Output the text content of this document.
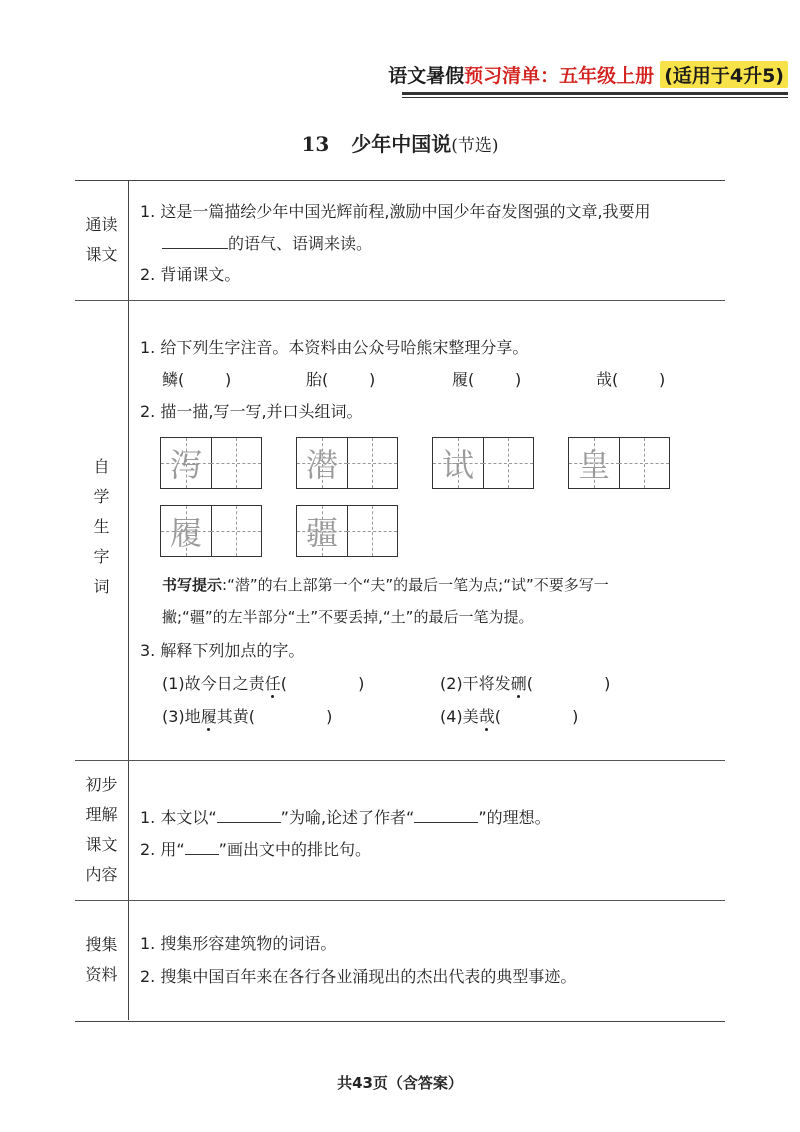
语文暑假 预习清单：五年级上册 (适用于4升5)
13 少年中国说(节选)
通读
课文
1. 这是一篇描绘少年中国光辉前程,激励中国少年奋发图强的文章,我要用
的语气、语调来读。
2. 背诵课文。
自
学
生
字
词
1. 给下列生字注音。本资料由公众号哈熊宋整理分享。
鳞(        )	胎(        )	履(        )	哉(        )
2. 描一描,写一写,并口头组词。
泻	潜	试	皇
履	疆
书写提示:“潜”的右上部第一个“夫”的最后一笔为点;“试”不要多写一
撇;“疆”的左半部分“土”不要丢掉,“土”的最后一笔为提。
3. 解释下列加点的字。
(1)故今日之责任(              )	(2)干将发硎(              )
(3)地履其黄(              )	(4)美哉(              )
初步
理解
课文
内容
1. 本文以“	”为喻,论述了作者“	”的理想。
2. 用“ ”画出文中的排比句。
搜集
资料
1. 搜集形容建筑物的词语。
2. 搜集中国百年来在各行各业涌现出的杰出代表的典型事迹。
共43页（含答案）
